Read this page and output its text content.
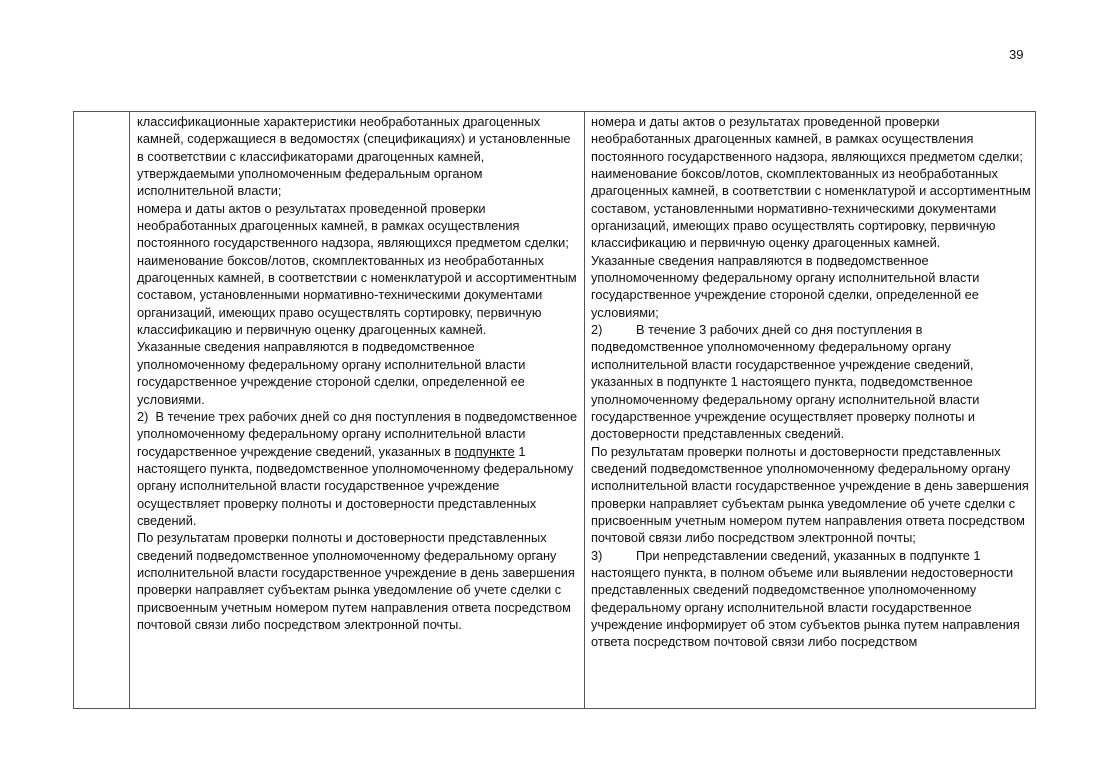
39

классификационные характеристики необработанных драгоценных камней, содержащиеся в ведомостях (спецификациях) и установленные в соответствии с классификаторами драгоценных камней, утверждаемыми уполномоченным федеральным органом исполнительной власти;

номера и даты актов о результатах проведенной проверки необработанных драгоценных камней, в рамках осуществления постоянного государственного надзора, являющихся предметом сделки;

наименование боксов/лотов, скомплектованных из необработанных драгоценных камней, в соответствии с номенклатурой и ассортиментным составом, установленными нормативно-техническими документами организаций, имеющих право осуществлять сортировку, первичную классификацию и первичную оценку драгоценных камней.

Указанные сведения направляются в подведомственное уполномоченному федеральному органу исполнительной власти государственное учреждение стороной сделки, определенной ее условиями.

2)  В течение трех рабочих дней со дня поступления в подведомственное уполномоченному федеральному органу исполнительной власти государственное учреждение сведений, указанных в подпункте 1 настоящего пункта, подведомственное уполномоченному федеральному органу исполнительной власти государственное учреждение осуществляет проверку полноты и достоверности представленных сведений.

По результатам проверки полноты и достоверности представленных сведений подведомственное уполномоченному федеральному органу исполнительной власти государственное учреждение в день завершения проверки направляет субъектам рынка уведомление об учете сделки с присвоенным учетным номером путем направления ответа посредством почтовой связи либо посредством электронной почты.

номера и даты актов о результатах проведенной проверки необработанных драгоценных камней, в рамках осуществления постоянного государственного надзора, являющихся предметом сделки;

наименование боксов/лотов, скомплектованных из необработанных драгоценных камней, в соответствии с номенклатурой и ассортиментным составом, установленными нормативно-техническими документами организаций, имеющих право осуществлять сортировку, первичную классификацию и первичную оценку драгоценных камней.

Указанные сведения направляются в подведомственное уполномоченному федеральному органу исполнительной власти государственное учреждение стороной сделки, определенной ее условиями;

2)	В течение 3 рабочих дней со дня поступления в подведомственное уполномоченному федеральному органу исполнительной власти государственное учреждение сведений, указанных в подпункте 1 настоящего пункта, подведомственное уполномоченному федеральному органу исполнительной власти государственное учреждение осуществляет проверку полноты и достоверности представленных сведений.

По результатам проверки полноты и достоверности представленных сведений подведомственное уполномоченному федеральному органу исполнительной власти государственное учреждение в день завершения проверки направляет субъектам рынка уведомление об учете сделки с присвоенным учетным номером путем направления ответа посредством почтовой связи либо посредством электронной почты;

3)	При непредставлении сведений, указанных в подпункте 1 настоящего пункта, в полном объеме или выявлении недостоверности представленных сведений подведомственное уполномоченному федеральному органу исполнительной власти государственное учреждение информирует об этом субъектов рынка путем направления ответа посредством почтовой связи либо посредством
